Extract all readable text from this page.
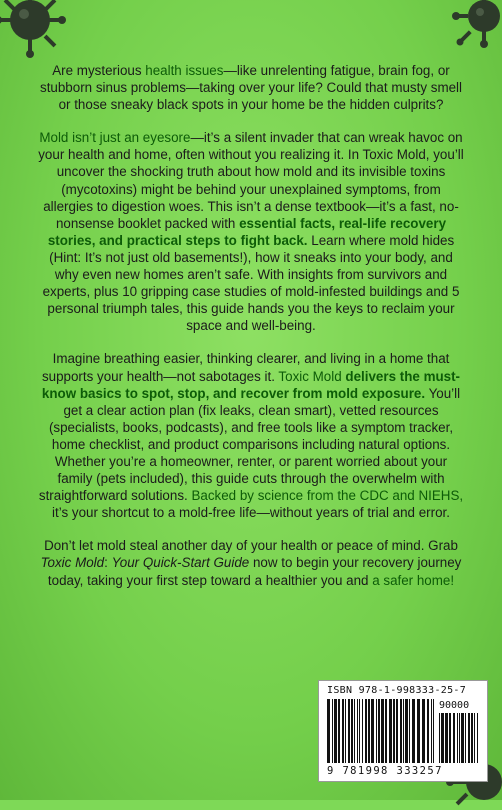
Are mysterious health issues—like unrelenting fatigue, brain fog, or stubborn sinus problems—taking over your life? Could that musty smell or those sneaky black spots in your home be the hidden culprits?

Mold isn’t just an eyesore—it’s a silent invader that can wreak havoc on your health and home, often without you realizing it. In Toxic Mold, you’ll uncover the shocking truth about how mold and its invisible toxins (mycotoxins) might be behind your unexplained symptoms, from allergies to digestion woes. This isn’t a dense textbook—it’s a fast, no-nonsense booklet packed with essential facts, real-life recovery stories, and practical steps to fight back. Learn where mold hides (Hint: It’s not just old basements!), how it sneaks into your body, and why even new homes aren’t safe. With insights from survivors and experts, plus 10 gripping case studies of mold-infested buildings and 5 personal triumph tales, this guide hands you the keys to reclaim your space and well-being.

Imagine breathing easier, thinking clearer, and living in a home that supports your health—not sabotages it. Toxic Mold delivers the must-know basics to spot, stop, and recover from mold exposure. You’ll get a clear action plan (fix leaks, clean smart), vetted resources (specialists, books, podcasts), and free tools like a symptom tracker, home checklist, and product comparisons including natural options. Whether you’re a homeowner, renter, or parent worried about your family (pets included), this guide cuts through the overwhelm with straightforward solutions. Backed by science from the CDC and NIEHS, it’s your shortcut to a mold-free life—without years of trial and error.

Don’t let mold steal another day of your health or peace of mind. Grab Toxic Mold: Your Quick-Start Guide now to begin your recovery journey today, taking your first step toward a healthier you and a safer home!

ISBN 978-1-998333-25-7
90000
9 781998 333257
